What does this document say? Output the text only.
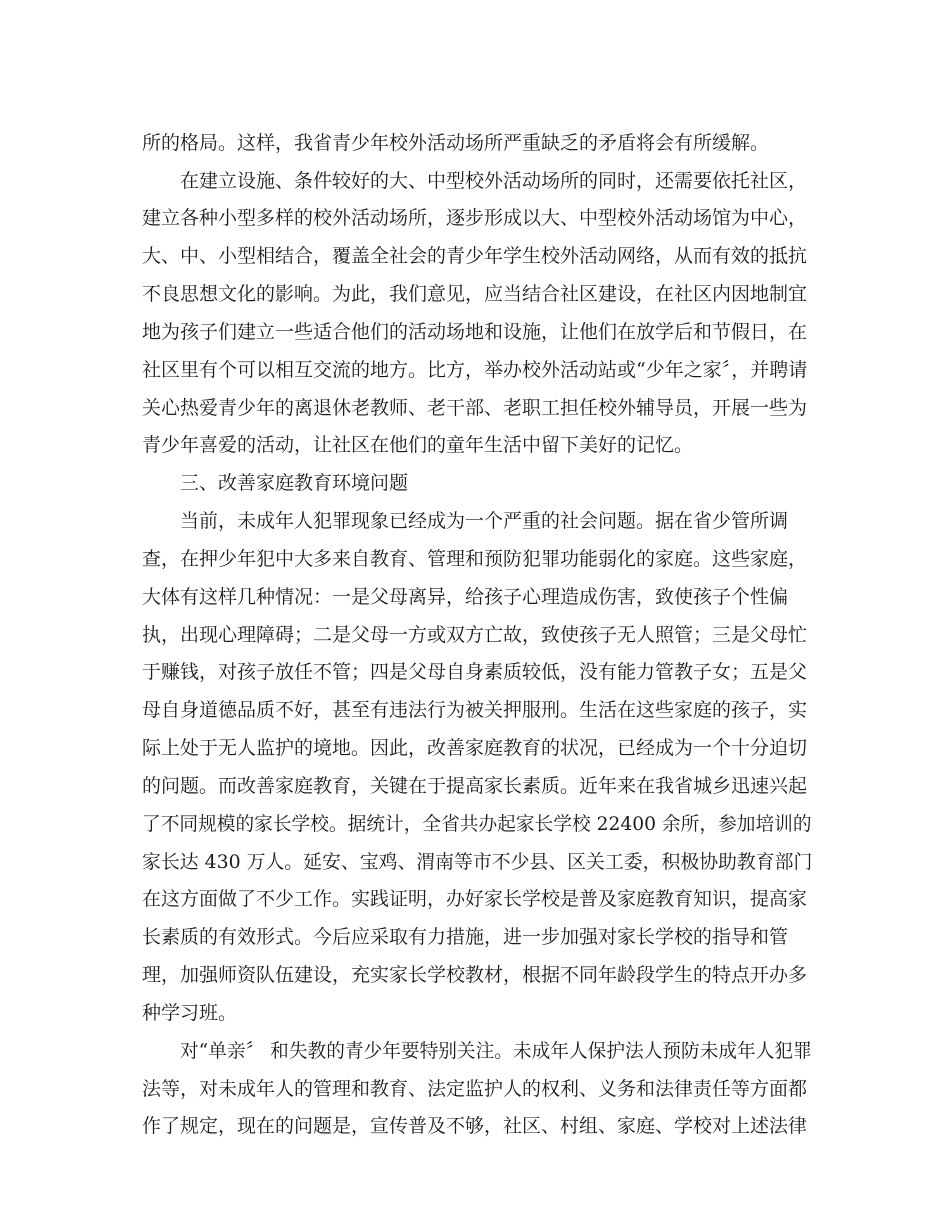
所的格局。这样，我省青少年校外活动场所严重缺乏的矛盾将会有所缓解。

在建立设施、条件较好的大、中型校外活动场所的同时，还需要依托社区，

建立各种小型多样的校外活动场所，逐步形成以大、中型校外活动场馆为中心，

大、中、小型相结合，覆盖全社会的青少年学生校外活动网络，从而有效的抵抗

不良思想文化的影响。为此，我们意见，应当结合社区建设，在社区内因地制宜

地为孩子们建立一些适合他们的活动场地和设施，让他们在放学后和节假日，在

社区里有个可以相互交流的地方。比方，举办校外活动站或“少年之家〞，并聘请

关心热爱青少年的离退休老教师、老干部、老职工担任校外辅导员，开展一些为

青少年喜爱的活动，让社区在他们的童年生活中留下美好的记忆。

三、改善家庭教育环境问题

当前，未成年人犯罪现象已经成为一个严重的社会问题。据在省少管所调

查，在押少年犯中大多来自教育、管理和预防犯罪功能弱化的家庭。这些家庭，

大体有这样几种情况：一是父母离异，给孩子心理造成伤害，致使孩子个性偏

执，出现心理障碍；二是父母一方或双方亡故，致使孩子无人照管；三是父母忙

于赚钱，对孩子放任不管；四是父母自身素质较低，没有能力管教子女；五是父

母自身道德品质不好，甚至有违法行为被关押服刑。生活在这些家庭的孩子，实

际上处于无人监护的境地。因此，改善家庭教育的状况，已经成为一个十分迫切

的问题。而改善家庭教育，关键在于提高家长素质。近年来在我省城乡迅速兴起

了不同规模的家长学校。据统计，全省共办起家长学校 22400 余所，参加培训的

家长达 430 万人。延安、宝鸡、渭南等市不少县、区关工委，积极协助教育部门

在这方面做了不少工作。实践证明，办好家长学校是普及家庭教育知识，提高家

长素质的有效形式。今后应采取有力措施，进一步加强对家长学校的指导和管

理，加强师资队伍建设，充实家长学校教材，根据不同年龄段学生的特点开办多

种学习班。

对“单亲〞 和失教的青少年要特别关注。未成年人保护法人预防未成年人犯罪

法等，对未成年人的管理和教育、法定监护人的权利、义务和法律责任等方面都

作了规定，现在的问题是，宣传普及不够，社区、村组、家庭、学校对上述法律
